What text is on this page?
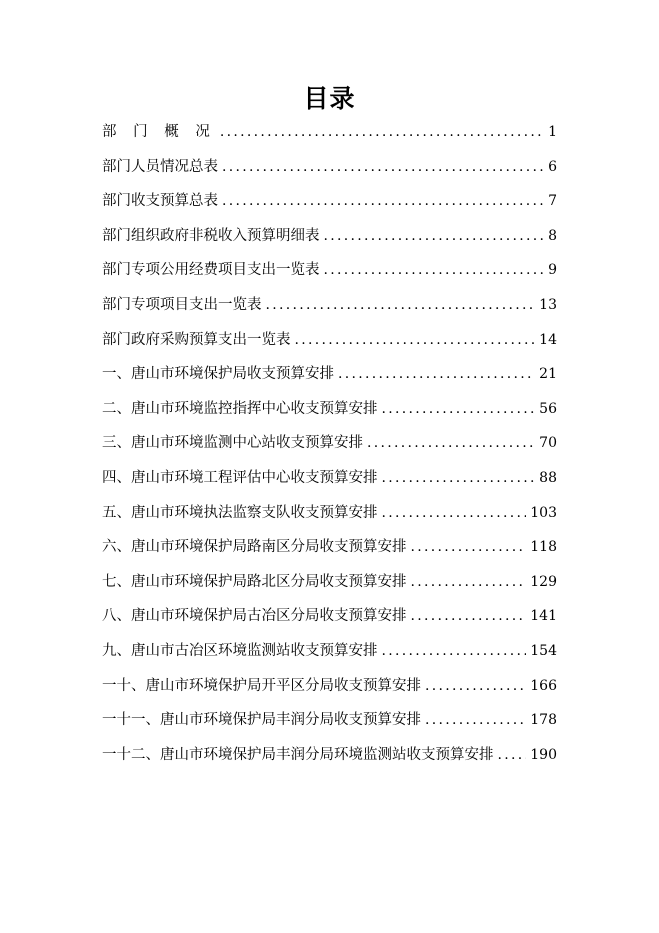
目录
部 门 概 况 .....	1
部门人员情况总表 .....	6
部门收支预算总表 .....	7
部门组织政府非税收入预算明细表 .....	8
部门专项公用经费项目支出一览表 .....	9
部门专项项目支出一览表 .....	13
部门政府采购预算支出一览表 .....	14
一、唐山市环境保护局收支预算安排 .....	21
二、唐山市环境监控指挥中心收支预算安排 .....	56
三、唐山市环境监测中心站收支预算安排 .....	70
四、唐山市环境工程评估中心收支预算安排 .....	88
五、唐山市环境执法监察支队收支预算安排 .....	103
六、唐山市环境保护局路南区分局收支预算安排 .....	118
七、唐山市环境保护局路北区分局收支预算安排 .....	129
八、唐山市环境保护局古冶区分局收支预算安排 .....	141
九、唐山市古冶区环境监测站收支预算安排 .....	154
一十、唐山市环境保护局开平区分局收支预算安排 .....	166
一十一、唐山市环境保护局丰润分局收支预算安排 .....	178
一十二、唐山市环境保护局丰润分局环境监测站收支预算安排 .....	190
